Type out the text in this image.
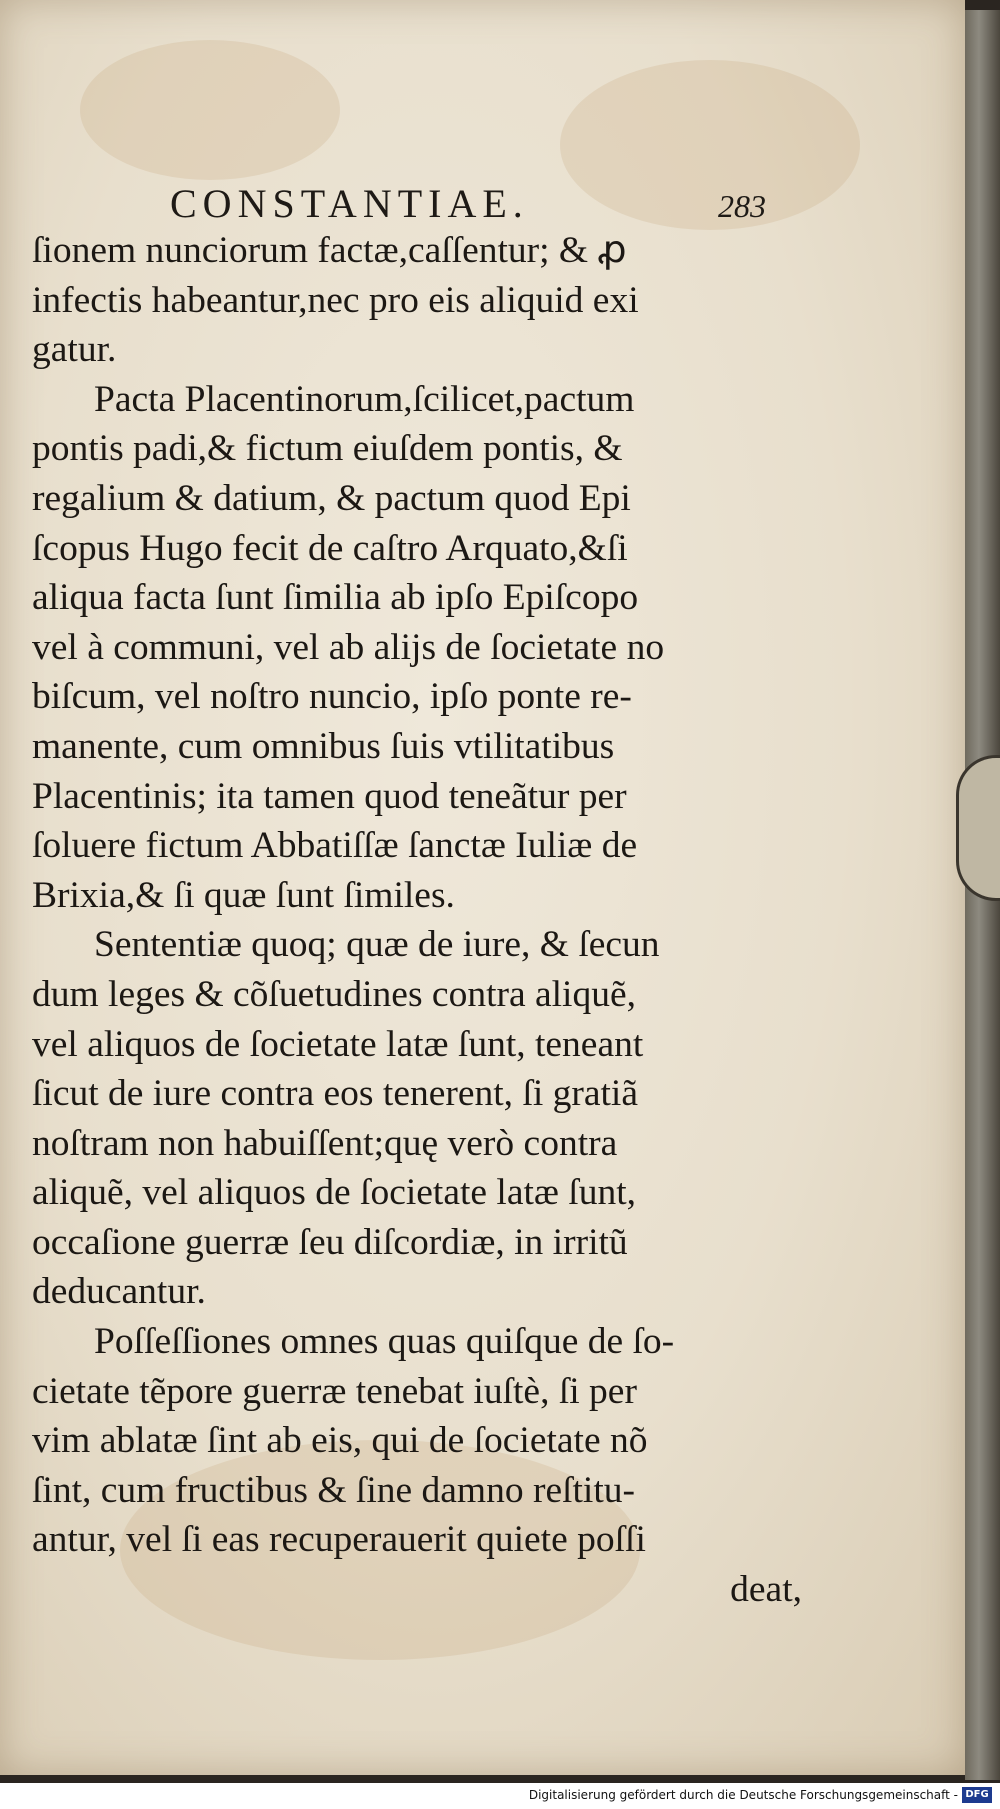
CONSTANTIAE.	283
ſionem nunciorum factæ,caſſentur; & ꝓ
infectis habeantur,nec pro eis aliquid exi
gatur.
Pacta Placentinorum,ſcilicet,pactum
pontis padi,& fictum eiuſdem pontis, &
regalium & datium, & pactum quod Epi
ſcopus Hugo fecit de caſtro Arquato,&ſi
aliqua facta ſunt ſimilia ab ipſo Epiſcopo
vel à communi, vel ab alijs de ſocietate no
biſcum, vel noſtro nuncio, ipſo ponte re-
manente, cum omnibus ſuis vtilitatibus
Placentinis; ita tamen quod teneãtur per
ſoluere fictum Abbatiſſæ ſanctæ Iuliæ de
Brixia,& ſi quæ ſunt ſimiles.
Sententiæ quoq; quæ de iure, & ſecun
dum leges & cõſuetudines contra aliquẽ,
vel aliquos de ſocietate latæ ſunt, teneant
ſicut de iure contra eos tenerent, ſi gratiã
noſtram non habuiſſent;quę verò contra
aliquẽ, vel aliquos de ſocietate latæ ſunt,
occaſione guerræ ſeu diſcordiæ, in irritũ
deducantur.
Poſſeſſiones omnes quas quiſque de ſo-
cietate tẽpore guerræ tenebat iuſtè, ſi per
vim ablatæ ſint ab eis, qui de ſocietate nõ
ſint, cum fructibus & ſine damno reſtitu-
antur, vel ſi eas recuperauerit quiete poſſi
deat,
Digitalisierung gefördert durch die Deutsche Forschungsgemeinschaft - DFG
